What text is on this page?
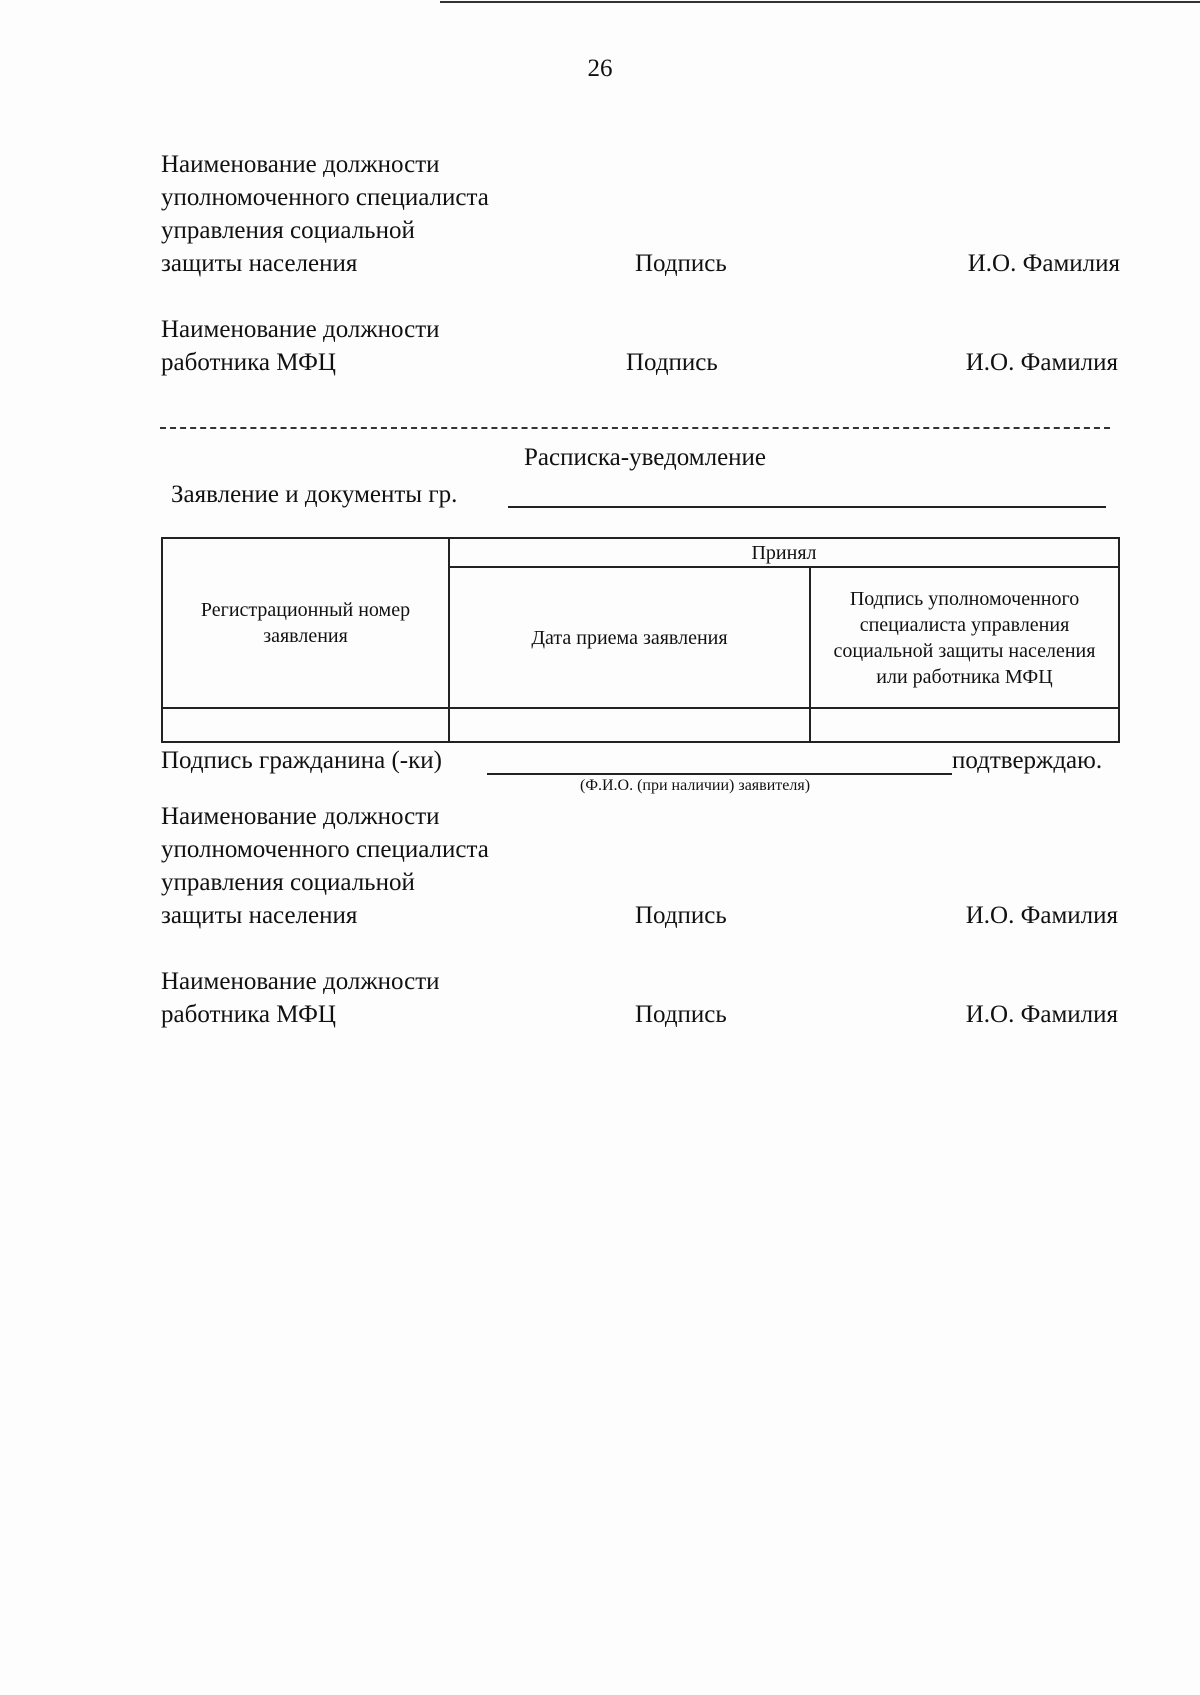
26
Наименование должности
уполномоченного специалиста
управления социальной
защиты населения	Подпись	И.О. Фамилия
Наименование должности
работника МФЦ	Подпись	И.О. Фамилия
Расписка-уведомление
Заявление и документы гр.
Регистрационный номер заявления	Принял	
	Дата приема заявления	Подпись уполномоченного специалиста управления социальной защиты населения или работника МФЦ

Подпись гражданина (-ки)	подтверждаю.
(Ф.И.О. (при наличии) заявителя)
Наименование должности
уполномоченного специалиста
управления социальной
защиты населения	Подпись	И.О. Фамилия
Наименование должности
работника МФЦ	Подпись	И.О. Фамилия
